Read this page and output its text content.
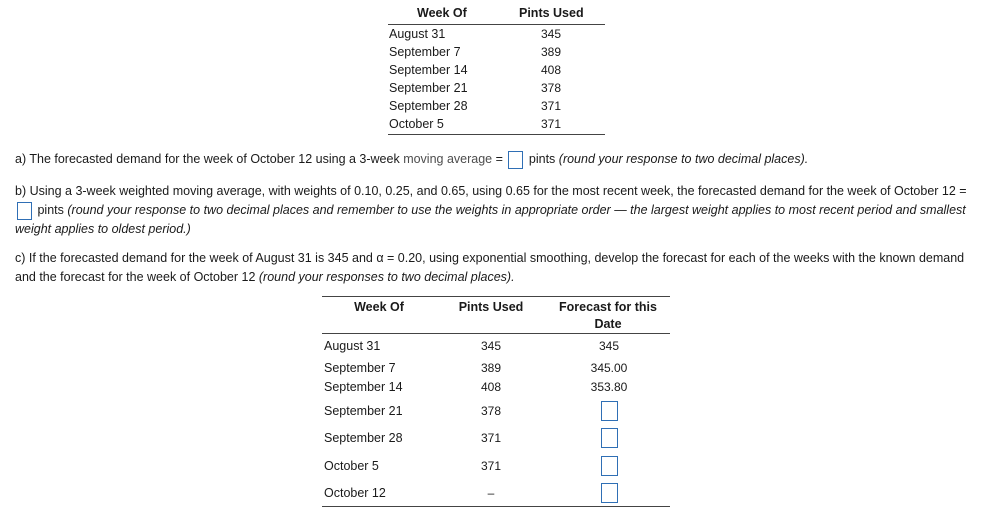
Week Of	Pints Used
August 31	345
September 7	389
September 14	408
September 21	378
September 28	371
October 5	371
a) The forecasted demand for the week of October 12 using a 3-week moving average = pints (round your response to two decimal places).
b) Using a 3-week weighted moving average, with weights of 0.10, 0.25, and 0.65, using 0.65 for the most recent week, the forecasted demand for the week of October 12 =  pints (round your response to two decimal places and remember to use the weights in appropriate order — the largest weight applies to most recent period and smallest weight applies to oldest period.)
c) If the forecasted demand for the week of August 31 is 345 and α = 0.20, using exponential smoothing, develop the forecast for each of the weeks with the known demand and the forecast for the week of October 12 (round your responses to two decimal places).
Week Of	Pints Used	Forecast for this Date
August 31	345	345
September 7	389	345.00
September 14	408	353.80
September 21	378
September 28	371
October 5	371
October 12	–
